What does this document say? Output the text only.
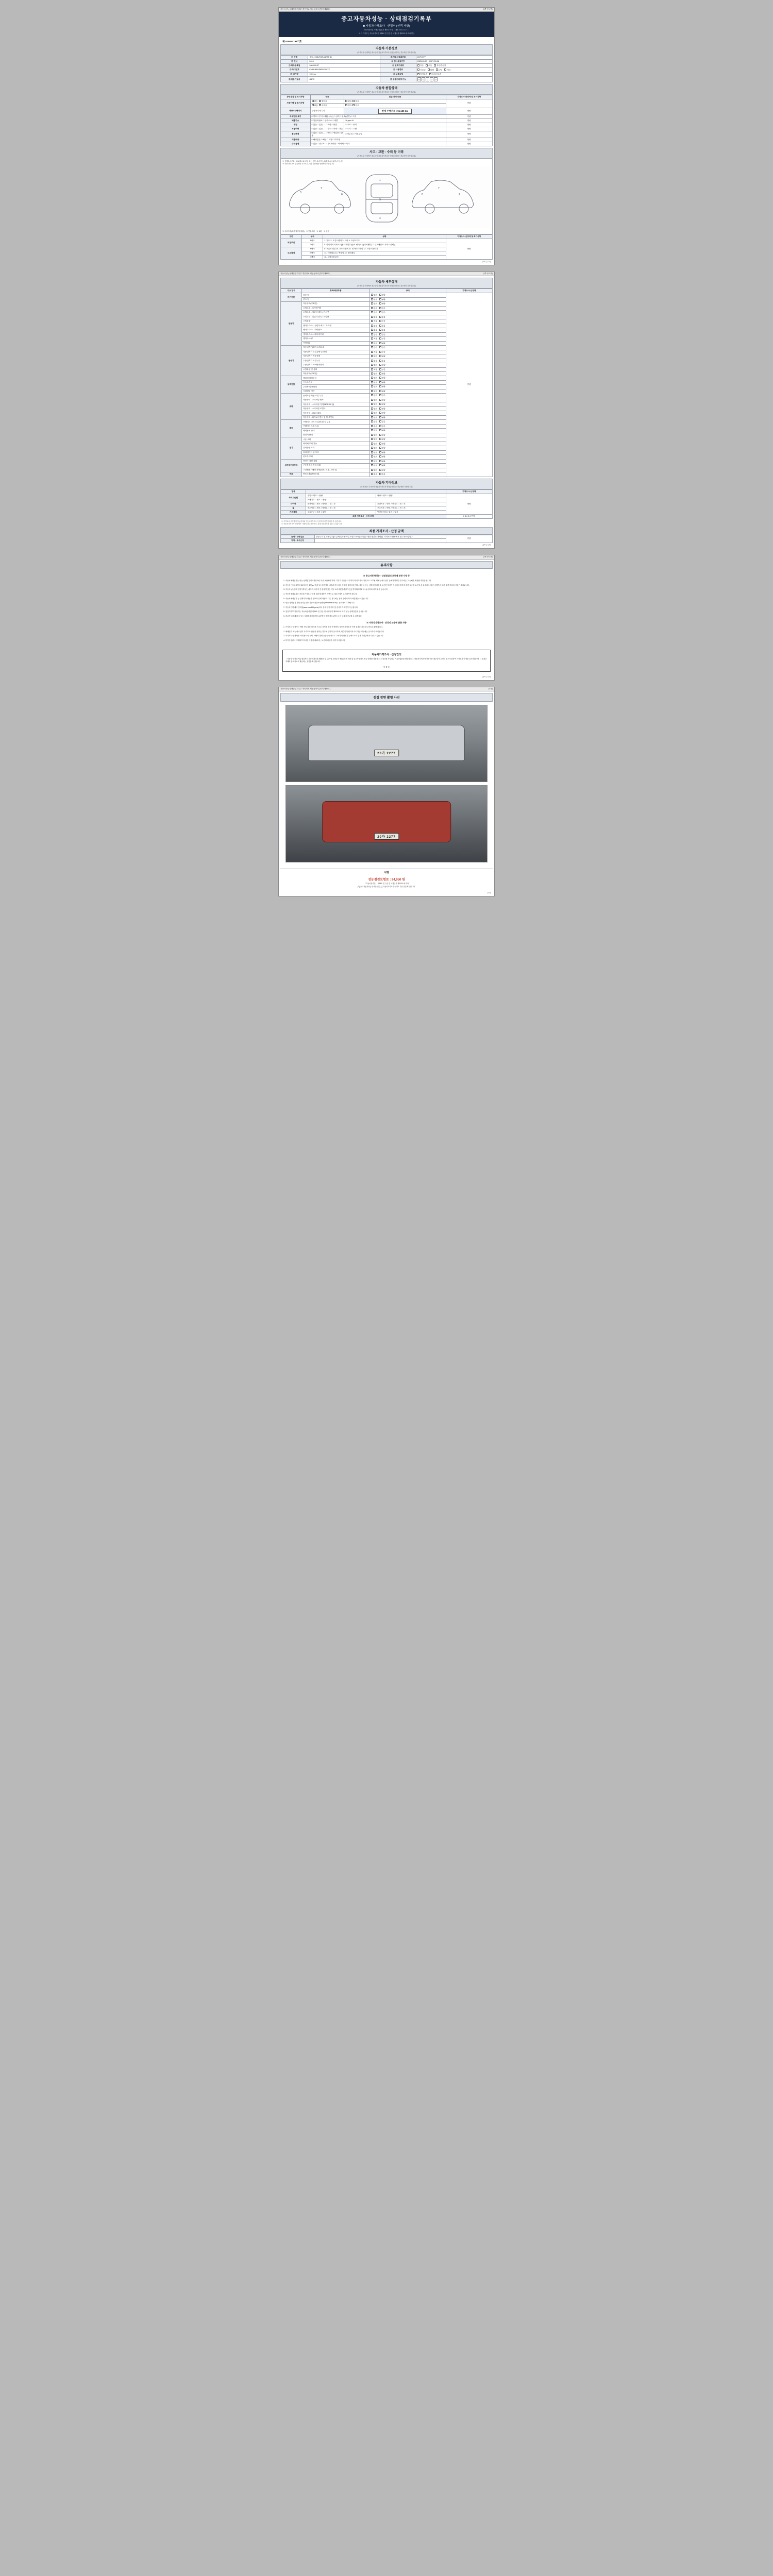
자동차성능상태점검기록부 개인정보 제공동의서 [별지 제82호]	(3쪽 중 1쪽)
중고자동차성능 · 상태점검기록부
■ 자동차가격조사 · 산정서 (선택 사항)
자동차관리법 시행규칙 [별지 제82호서식] 〈개정 2021. 8. 27.〉
※ 이 기록부는 자동차관리법 제58조 및 같은 법 시행규칙 제120조에 따라 발급
제 520014798기호
자동차 기본정보
(가격조사·산정액은 매수인이 자동차가격조사·산정을 원하는 경우에만 기재합니다)
① 차명	셀토스(SELTOS) (4세대급)	② 자동차등록번호	20가2277
③ 연식	2010	④ 검사유효기간	2025-09-07 ~ 2027-09-06
⑤ 최초등록일	2009-09-07	⑥ 변속기종류	자동 수동 무단변속기
⑦ 차대번호	KMHLB41VBAJU3007X	⑧ 사용연료	가솔린 디젤 LPG 기타
⑩ 배기량	1591 cc	⑪ 보증유형	자기보증 보험사보증
⑫ 원동기형식	G4FC	⑬ 주행거리계 기능	0 0 0 0 0
자동차 종합상태
(가격조사·산정액은 매수인이 자동차가격조사·산정을 원하는 경우에만 기재합니다)
상태점검 및 특기사항	내용	점검(산정)내용	가격조사·산정액 및 특기사항
사용이력 및 특기사항	렌트  영업용	없음  있음	만원
	관용  자가용	없음  있음	
색상 / 주행거리	주행거리계 수치	현재 주행거리 : 91,139 km	만원
차대번호 표기	□ 양호 □ 부식 □ 훼손(오손) □ 상이 □ 변조(변경) □ 도말		만원
배출가스	□ 일산화탄소 □ 탄화수소 □ 매연	% ppm %	만원
튜닝	□ 없음 □ 있음 — □ 적법 □ 불법	□ 구조 □ 장치	만원
특별이력	□ 없음 □ 있음 — □ 침수 □ 화재 □ 전손	□ 수리 □ 교환	만원
용도변경	□ 없음 □ 있음 — □ 렌트 □ 영업용 □ 관용	□ 직수입 □ 이전수입	만원
리콜대상	□ 해당없음 □ 해당 □ 이행 □ 미이행		만원
주요옵션	□ 없음 □ 선루프 □ 내비게이션 □ 에어백 □ 기타		만원
사고 · 교환 · 수리 등 이력
(가격조사·산정액은 매수인이 자동차가격조사·산정을 원하는 경우에만 기재합니다)
※ 상태표시 부호 : X (교환), W (판금 또는 용접), C (부식), A (흠집), U (요철), T (손상)
※ 하단 상태표시 등록확인 구조부위, 기타 부품제품 상태확인 부위입니다
3
7
6
1
9
4
7
2
8
※ 사고이력 (외판/골격 수정됨)    ※ 단순수리    ※ 교환    ※ 판금
구분	부위	상태	가격조사·산정액 및 특기사항
외판부위	1랭크	1. 후드 2. 프론트휀더 3. 도어 4. 트렁크리드	만원
	2랭크	5. 라디에이터서포트(볼트체결부품) 6. 쿼터패널(리어휀더) 7. 루프패널 8. 사이드실패널	
주요골격	A랭크	9. 프론트패널 10. 크로스멤버 11. 인사이드패널 12. 트렁크플로어	
	B랭크	13. 리어패널 14. 백패널 15. 필러패널	
	C랭크	16. 트렁크플로어	
(3쪽 중 1쪽)
자동차성능상태점검기록부 개인정보 제공동의서 [별지 제82호]	(3쪽 중 2쪽)
자동차 세부상태
(가격조사·산정액은 매수인이 자동차가격조사·산정을 원하는 경우에만 기재합니다)
주요 장치	항목/해당부품	상태	가격조사·산정액
자기진단	원동기	양호 불량	만원
	변속기	양호 불량	
원동기	작동상태(공회전)	양호 불량	
	오일누유 - 로커암커버	없음 있음	
	오일누유 - 실린더 헤드 / 가스켓	없음 있음	
	오일누유 - 실린더 블록 / 오일팬	없음 있음	
	오일유량	적정 부족	
	냉각수 누수 - 실린더 헤드 / 가스켓	없음 있음	
	냉각수 누수 - 워터펌프	없음 있음	
	냉각수 누수 - 라디에이터	없음 있음	
	냉각수 수량	적정 부족	
	커먼레일	양호 불량	
변속기	자동변속기(A/T) 오일누유	없음 있음	
	자동변속기 오일유량 및 상태	적정 부족	
	자동변속기 작동상태	양호 불량	
	수동변속기 오일누유	없음 있음	
	수동변속기 기어변속장치	양호 불량	
	오일유량 및 상태	적정 부족	
	작동상태(공회전)	양호 불량	
동력전달	클러치 어셈블리	양호 불량	
	등속조인트	양호 불량	
	추진축 및 베어링	양호 불량	
	디퍼렌셜 기어	양호 불량	
조향	동력조향 작동 오일 누유	없음 있음	
	작동상태 - 스티어링 펌프	양호 불량	
	작동상태 - 스티어링 기어(MDPS포함)	양호 불량	
	작동상태 - 스티어링 조인트	양호 불량	
	작동상태 - 파워크랭크	양호 불량	
	작동상태 - 타이로드엔드 및 볼 조인트	양호 불량	
제동	브레이크 마스터 실린더오일 누유	없음 있음	
	브레이크 오일 누유	없음 있음	
	배력장치 상태	양호 불량	
	발전기 출력	양호 불량	
전기	시동 모터	양호 불량	
	와이퍼 모터 기능	양호 불량	
	실내송풍 모터	양호 불량	
	라디에이터 팬 모터	양호 불량	
	윈도우 모터	양호 불량	
고전원전기장치	충전구 절연 상태	양호 불량	
	구동축전지 격리 상태	양호 불량	
	고전원전기배선 상태(피복, 피복, 고정 등)	양호 불량	
연료	연료누출(LPG포함)	없음 있음	
자동차 기타정보
(※ 항목은 추가하여 자동차가격조사·산정을 원하는 경우에만 기재합니다)
항목			가격조사·산정액
사이드슬립	유입 □ 양호 □ 불량	내장 □ 양호 □ 불량	만원
	브레이크 □ 양호 □ 불량		
타이어	운전석전 □ 양호 / 정비요 □ 전 □ 후	운전석후 □ 양호 / 정비요 □ 전 □ 후	
휠	조수석전 □ 양호 / 정비요 □ 전 □ 후	조수석후 □ 양호 / 정비요 □ 전 □ 후	
기본품목	보유공구 □ 있음 □ 없음	안전삼각대 □ 있음 □ 없음	
최종 가격조사 · 산정 금액			0 0 0 0 0 만원
※ 가격조사·산정자의 성능평가와 자동차가격조사·산정자의 의견이 다를 수 있습니다.
※ 자동차가격조사·산정액은 거래의 참고자료이며, 실제 거래가격과 다를 수 있습니다.
최종 가격조사 · 산정 금액
금액 · 내역검금	단순수리 및 도장부위(도금처리)도장작업 포함 / 표시된 부위는 정상 범위로 판단됨. 가격조사·산정액은 참고자료입니다.	만원
가격 · 조사산정		
(3쪽 중 2쪽)
자동차성능상태점검기록부 개인정보 제공동의서 [별지 제82호]	(3쪽 중 3쪽)
유의사항
※ 중고자동차성능 · 상태점검의 보증에 관한 사항 등

1. 자동차매매업자는 성능·상태점검계약서를 5년 이상 보관해야 하며, 기록부 내용을 교부하지 아니하거나 거짓으로 교부될 때에는 매수인이 손해가 발생한 경우에는 그 손해를 배상할 책임을 집니다.

2. 자동차인도일로부터 30일 또는 2천km 이내 성능점검결과 내용과 자동차의 상태가 실제 다른 경우, 자동차 성능·상태점검 내용을 보증한 자에게 자동차의 하자에 대한 보증을 요구할 수 있습니다. 다만 주행거리·외판·골격 이외의 사항은 제외됩니다.

3. 자동차성능상태 점검기록부는 매도자·매수자 간 분쟁이 있는 경우 소비자분쟁해결기준(공정거래위원회 고시)에 따라 처리될 수 있습니다.

4. 자동차매매업자는 자동차가격조사·산정 결과에 대하여 서면으로 매수인에게 고지하여야 합니다.

5. 자동차매매업자 등 관계자가 제공한 정보와 실제 차량이 다른 경우에는 관계 법령에 따라 처벌받을 수 있습니다.

6. 성능·상태점검 관련 문의는 한국자동차진단보증협회(www.kaa.or.kr)로 문의하시기 바랍니다.

7. 자동차민원 대국민포털(www.ecar365.go.kr)에서 실제 점검 기록 및 검사이력 확인이 가능합니다.

8. 점검기록부 작성자는 자동차관리법 제58조 및 같은 법 시행규칙 제120조에 따라 성능·상태점검을 실시합니다.

9. 중고자동차 매매 시 성능·상태점검기록부를 교부받지 못한 경우 관할 시·군·구청에 신고할 수 있습니다.

※ 자동차가격조사 · 산정의 보증에 관한 사항

1. 가격조사·산정자는 해당 성능점검 결과를 기초로 가격을 조사·산정하며, 자동차가격조사·산정 결과는 거래 참고자료로 활용됩니다.

2. 매매업자 또는 매수인이 가격조사·산정을 원하는 경우에 한하여 실시하며, 매수인이 원하지 아니하는 경우에는 실시하지 아니합니다.

3. 가격조사·산정액은 거래 당시의 시세, 차량의 상태 등을 종합적으로 고려하여 산정된 금액으로서 실제 거래금액과 다를 수 있습니다.

4. 특기사항란에 기재되지 아니한 사항에 대해서는 보증의 대상이 되지 아니합니다.

자동차가격조사 · 산정인의
「자동차·산정인·성능점검자는 자동차관리법 제58조 및 같은 법 시행규칙 제120조에 따라 위 중고자동차의 성능·상태를 점검하고 그 결과를 사실대로 기록하였음을 확인합니다. 자동차가격조사·산정인은 매수인이 요청한 경우에 한하여 가격조사·산정을 실시하였으며, 그 결과는 거래의 참고자료로 제공되는 것임을 확인합니다.
년 월 일
(3쪽 중 3쪽)
자동차성능상태점검기록부 개인정보 제공동의서 [별지 제82호]	(4쪽)
점검 장면 촬영 사진
20가 2277
20가 2277
서명
성능점검보험료 : 94,050 원
「자동차관리법」 제58조 및 같은 법 시행규칙 제120조에 따라
[Y] 중고자동차성능·상태를 점검, [ ] 자동차가격조사·산정 1 부를 점검 확인합니다.
(4쪽)
